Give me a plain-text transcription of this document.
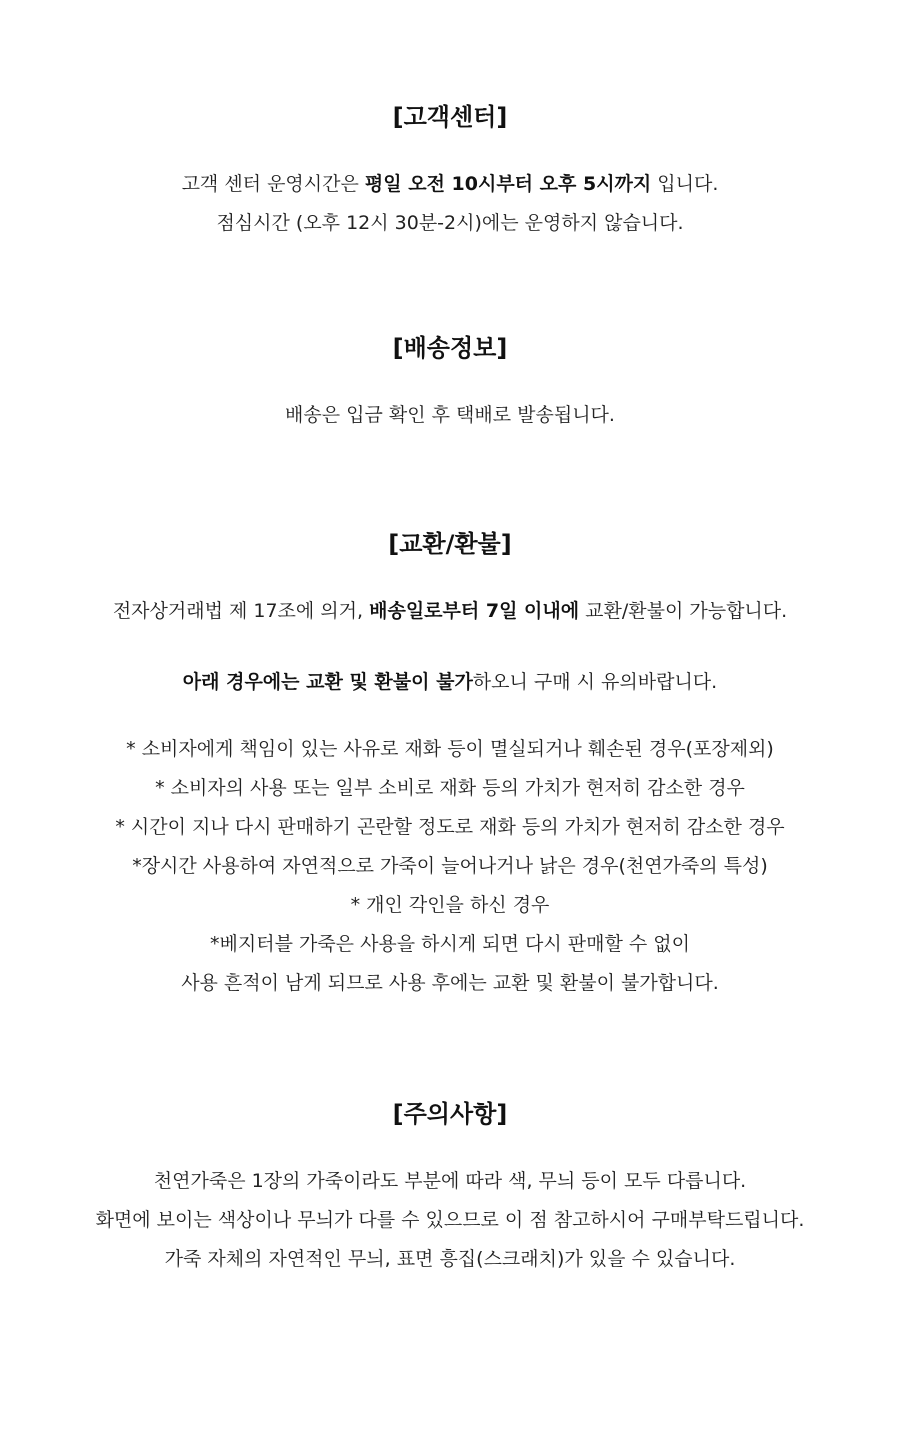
[고객센터]

고객 센터 운영시간은 평일 오전 10시부터 오후 5시까지 입니다.

점심시간 (오후 12시 30분-2시)에는 운영하지 않습니다.

[배송정보]

배송은 입금 확인 후 택배로 발송됩니다.

[교환/환불]

전자상거래법 제 17조에 의거, 배송일로부터 7일 이내에 교환/환불이 가능합니다.

아래 경우에는 교환 및 환불이 불가하오니 구매 시 유의바랍니다.

* 소비자에게 책임이 있는 사유로 재화 등이 멸실되거나 훼손된 경우(포장제외)

* 소비자의 사용 또는 일부 소비로 재화 등의 가치가 현저히 감소한 경우

* 시간이 지나 다시 판매하기 곤란할 정도로 재화 등의 가치가 현저히 감소한 경우

*장시간 사용하여 자연적으로 가죽이 늘어나거나 낡은 경우(천연가죽의 특성)

* 개인 각인을 하신 경우

*베지터블 가죽은 사용을 하시게 되면 다시 판매할 수 없이

사용 흔적이 남게 되므로 사용 후에는 교환 및 환불이 불가합니다.

[주의사항]

천연가죽은 1장의 가죽이라도 부분에 따라 색, 무늬 등이 모두 다릅니다.

화면에 보이는 색상이나 무늬가 다를 수 있으므로 이 점 참고하시어 구매부탁드립니다.

가죽 자체의 자연적인 무늬, 표면 흥집(스크래치)가 있을 수 있습니다.
